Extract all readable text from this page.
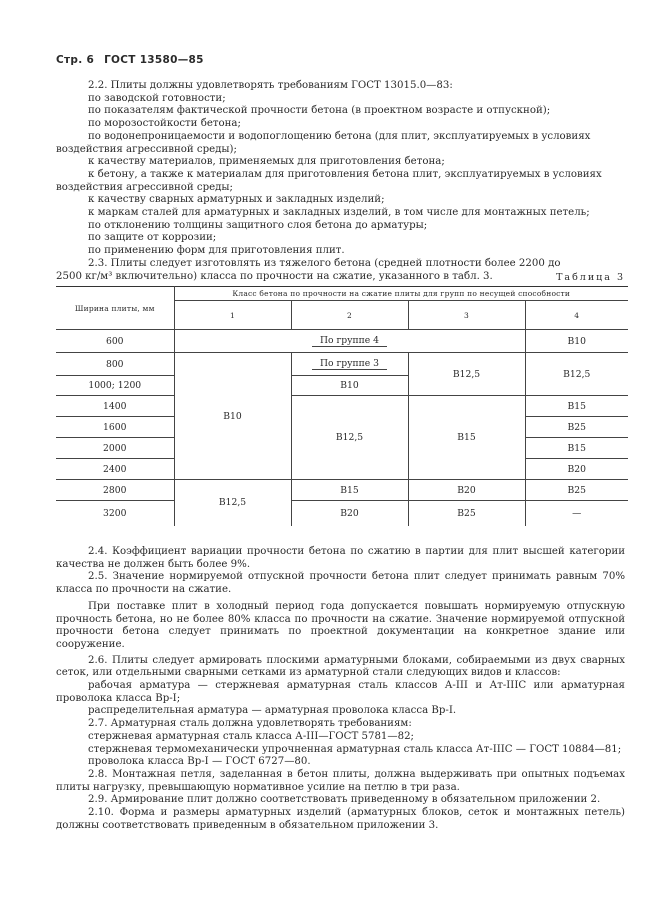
Стр. 6 ГОСТ 13580—85

2.2. Плиты должны удовлетворять требованиям ГОСТ 13015.0—83:

по заводской готовности;

по показателям фактической прочности бетона (в проектном возрасте и отпускной);

по морозостойкости бетона;

по водонепроницаемости и водопоглощению бетона (для плит, эксплуатируемых в условиях

воздействия агрессивной среды);

к качеству материалов, применяемых для приготовления бетона;

к бетону, а также к материалам для приготовления бетона плит, эксплуатируемых в условиях

воздействия агрессивной среды;

к качеству сварных арматурных и закладных изделий;

к маркам сталей для арматурных и закладных изделий, в том числе для монтажных петель;

по отклонению толщины защитного слоя бетона до арматуры;

по защите от коррозии;

по применению форм для приготовления плит.

2.3. Плиты следует изготовлять из тяжелого бетона (средней плотности более 2200 до

2500 кг/м³ включительно) класса по прочности на сжатие, указанного в табл. 3.	Таблица 3
Ширина плиты, мм	Класс бетона по прочности на сжатие плиты для групп по несущей способности			
	1	2	3	4
600	По группе 4			B10
800	B10	По группе 3	B12,5	B12,5
1000; 1200		B10		
1400		B12,5	B15	B15
1600				B25
2000				B15
2400				B20
2800	B12,5	B15	B20	B25
3200		B20	B25	—

2.4. Коэффициент вариации прочности бетона по сжатию в партии для плит высшей категории качества не должен быть более 9%.

2.5. Значение нормируемой отпускной прочности бетона плит следует принимать равным 70% класса по прочности на сжатие.

При поставке плит в холодный период года допускается повышать нормируемую отпускную прочность бетона, но не более 80% класса по прочности на сжатие. Значение нормируемой отпускной прочности бетона следует принимать по проектной документации на конкретное здание или сооружение.

2.6. Плиты следует армировать плоскими арматурными блоками, собираемыми из двух сварных сеток, или отдельными сварными сетками из арматурной стали следующих видов и классов:

рабочая арматура — стержневая арматурная сталь классов А-III и Ат-IIIС или арматурная проволока класса Вр-I;

распределительная арматура — арматурная проволока класса Вр-I.

2.7. Арматурная сталь должна удовлетворять требованиям:

стержневая арматурная сталь класса А-III—ГОСТ 5781—82;

стержневая термомеханически упрочненная арматурная сталь класса Ат-IIIС — ГОСТ 10884—81;

проволока класса Вр-I — ГОСТ 6727—80.

2.8. Монтажная петля, заделанная в бетон плиты, должна выдерживать при опытных подъемах плиты нагрузку, превышающую нормативное усилие на петлю в три раза.

2.9. Армирование плит должно соответствовать приведенному в обязательном приложении 2.

2.10. Форма и размеры арматурных изделий (арматурных блоков, сеток и монтажных петель) должны соответствовать приведенным в обязательном приложении 3.
